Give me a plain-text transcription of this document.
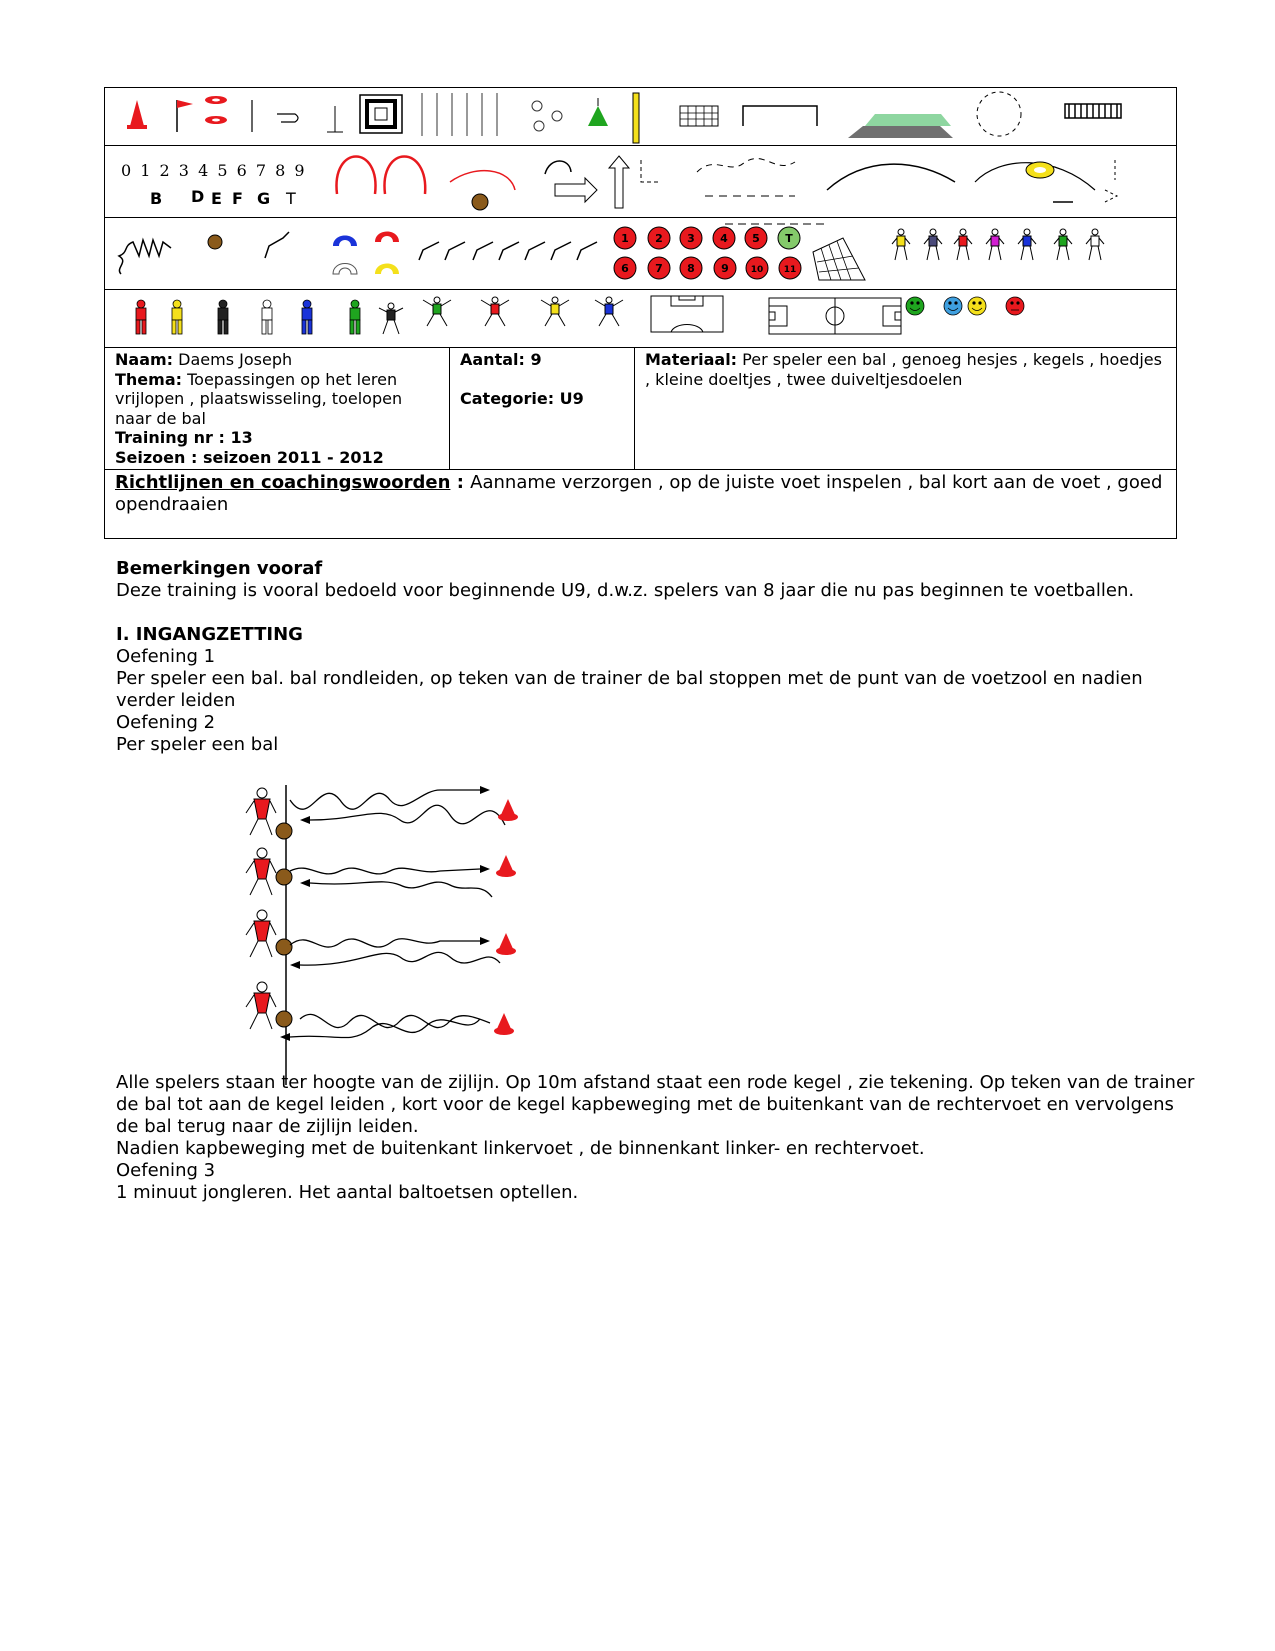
0 1 2 3 4 5 6 7 8 9
B D E F G T
1 2 3 4 5 T
6 7 8 9 10 11
Naam: Daems Joseph
Thema: Toepassingen op het leren vrijlopen , plaatswisseling, toelopen naar de bal
Training nr : 13
Seizoen : seizoen 2011 - 2012
Aantal: 9
Categorie: U9
Materiaal: Per speler een bal , genoeg hesjes , kegels , hoedjes , kleine doeltjes , twee duiveltjesdoelen
Richtlijnen en coachingswoorden : Aanname verzorgen , op de juiste voet inspelen , bal kort aan de voet , goed opendraaien

Bemerkingen vooraf

Deze training is vooral bedoeld voor beginnende U9, d.w.z. spelers van 8 jaar die nu pas beginnen te voetballen.

I. INGANGZETTING

Oefening 1

Per speler een bal. bal rondleiden, op teken van de trainer de bal stoppen met de punt van de voetzool en nadien verder leiden

Oefening 2

Per speler een bal

Alle spelers staan ter hoogte van de zijlijn. Op 10m afstand staat een rode kegel , zie tekening. Op teken van de trainer de bal tot aan de kegel leiden , kort voor de kegel kapbeweging met de buitenkant van de rechtervoet en vervolgens de bal terug naar de zijlijn leiden.

Nadien kapbeweging met de buitenkant linkervoet , de binnenkant linker- en rechtervoet.

Oefening 3

1 minuut jongleren. Het aantal baltoetsen optellen.
